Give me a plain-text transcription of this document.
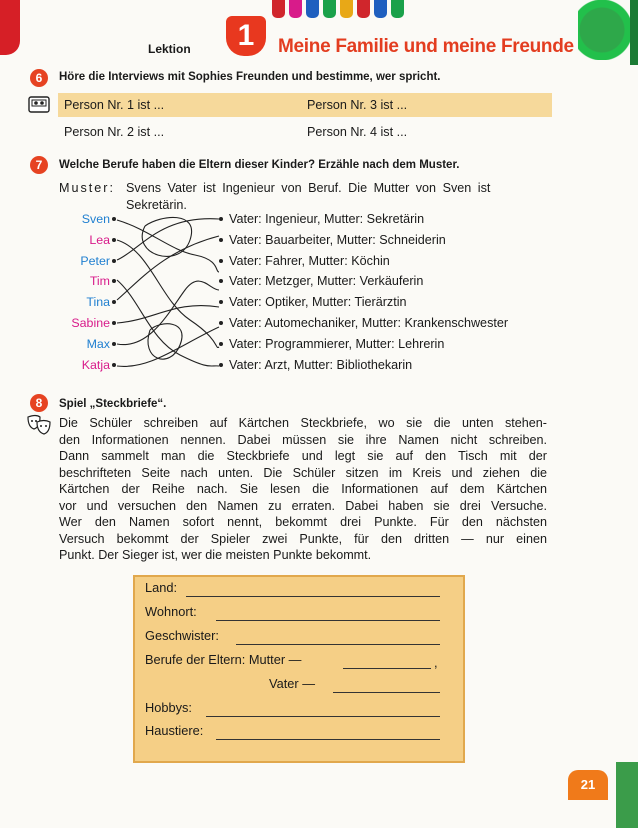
Lektion	1	Meine Familie und meine Freunde
6	Höre die Interviews mit Sophies Freunden und bestimme, wer spricht.
Person Nr. 1 ist ...	Person Nr. 3 ist ...
Person Nr. 2 ist ...	Person Nr. 4 ist ...
7	Welche Berufe haben die Eltern dieser Kinder? Erzähle nach dem Muster.
Muster: Svens Vater ist Ingenieur von Beruf. Die Mutter von Sven ist
Sekretärin.
Sven
Lea
Peter
Tim
Tina
Sabine
Max
Katja
Vater: Ingenieur, Mutter: Sekretärin
Vater: Bauarbeiter, Mutter: Schneiderin
Vater: Fahrer, Mutter: Köchin
Vater: Metzger, Mutter: Verkäuferin
Vater: Optiker, Mutter: Tierärztin
Vater: Automechaniker, Mutter: Krankenschwester
Vater: Programmierer, Mutter: Lehrerin
Vater: Arzt, Mutter: Bibliothekarin
8	Spiel „Steckbriefe“.
Die Schüler schreiben auf Kärtchen Steckbriefe, wo sie die unten stehen-
den Informationen nennen. Dabei müssen sie ihre Namen nicht schreiben.
Dann sammelt man die Steckbriefe und legt sie auf den Tisch mit der
beschrifteten Seite nach unten. Die Schüler sitzen im Kreis und ziehen die
Kärtchen der Reihe nach. Sie lesen die Informationen auf dem Kärtchen
vor und versuchen den Namen zu erraten. Dabei haben sie drei Versuche.
Wer den Namen sofort nennt, bekommt drei Punkte. Für den nächsten
Versuch bekommt der Spieler zwei Punkte, für den dritten — nur einen
Punkt. Der Sieger ist, wer die meisten Punkte bekommt.
Land:
Wohnort:
Geschwister:
Berufe der Eltern: Mutter —	,
Vater —
Hobbys:
Haustiere:
21
